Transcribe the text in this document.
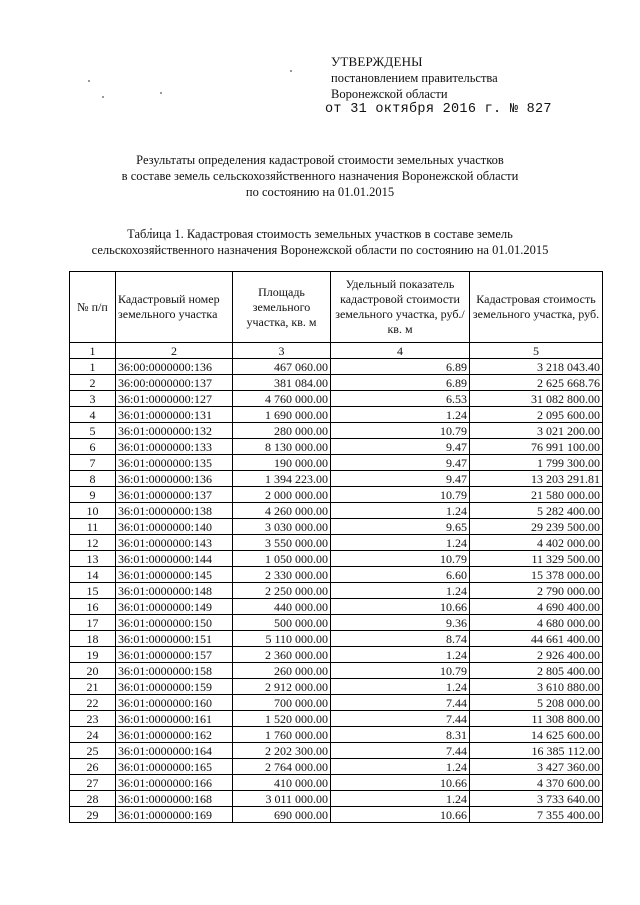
УТВЕРЖДЕНЫ
постановлением правительства
Воронежской области
от 31 октября 2016 г. № 827
Результаты определения кадастровой стоимости земельных участков
в составе земель сельскохозяйственного назначения Воронежской области
по состоянию на 01.01.2015
Таблица 1. Кадастровая стоимость земельных участков в составе земель
сельскохозяйственного назначения Воронежской области по состоянию на 01.01.2015
№ п/п	Кадастровый номер земельного участка	Площадь земельного участка, кв. м	Удельный показатель кадастровой стоимости земельного участка, руб./кв. м	Кадастровая стоимость земельного участка, руб.
1	2	3	4	5
1	36:00:0000000:136	467 060.00	6.89	3 218 043.40
2	36:00:0000000:137	381 084.00	6.89	2 625 668.76
3	36:01:0000000:127	4 760 000.00	6.53	31 082 800.00
4	36:01:0000000:131	1 690 000.00	1.24	2 095 600.00
5	36:01:0000000:132	280 000.00	10.79	3 021 200.00
6	36:01:0000000:133	8 130 000.00	9.47	76 991 100.00
7	36:01:0000000:135	190 000.00	9.47	1 799 300.00
8	36:01:0000000:136	1 394 223.00	9.47	13 203 291.81
9	36:01:0000000:137	2 000 000.00	10.79	21 580 000.00
10	36:01:0000000:138	4 260 000.00	1.24	5 282 400.00
11	36:01:0000000:140	3 030 000.00	9.65	29 239 500.00
12	36:01:0000000:143	3 550 000.00	1.24	4 402 000.00
13	36:01:0000000:144	1 050 000.00	10.79	11 329 500.00
14	36:01:0000000:145	2 330 000.00	6.60	15 378 000.00
15	36:01:0000000:148	2 250 000.00	1.24	2 790 000.00
16	36:01:0000000:149	440 000.00	10.66	4 690 400.00
17	36:01:0000000:150	500 000.00	9.36	4 680 000.00
18	36:01:0000000:151	5 110 000.00	8.74	44 661 400.00
19	36:01:0000000:157	2 360 000.00	1.24	2 926 400.00
20	36:01:0000000:158	260 000.00	10.79	2 805 400.00
21	36:01:0000000:159	2 912 000.00	1.24	3 610 880.00
22	36:01:0000000:160	700 000.00	7.44	5 208 000.00
23	36:01:0000000:161	1 520 000.00	7.44	11 308 800.00
24	36:01:0000000:162	1 760 000.00	8.31	14 625 600.00
25	36:01:0000000:164	2 202 300.00	7.44	16 385 112.00
26	36:01:0000000:165	2 764 000.00	1.24	3 427 360.00
27	36:01:0000000:166	410 000.00	10.66	4 370 600.00
28	36:01:0000000:168	3 011 000.00	1.24	3 733 640.00
29	36:01:0000000:169	690 000.00	10.66	7 355 400.00
